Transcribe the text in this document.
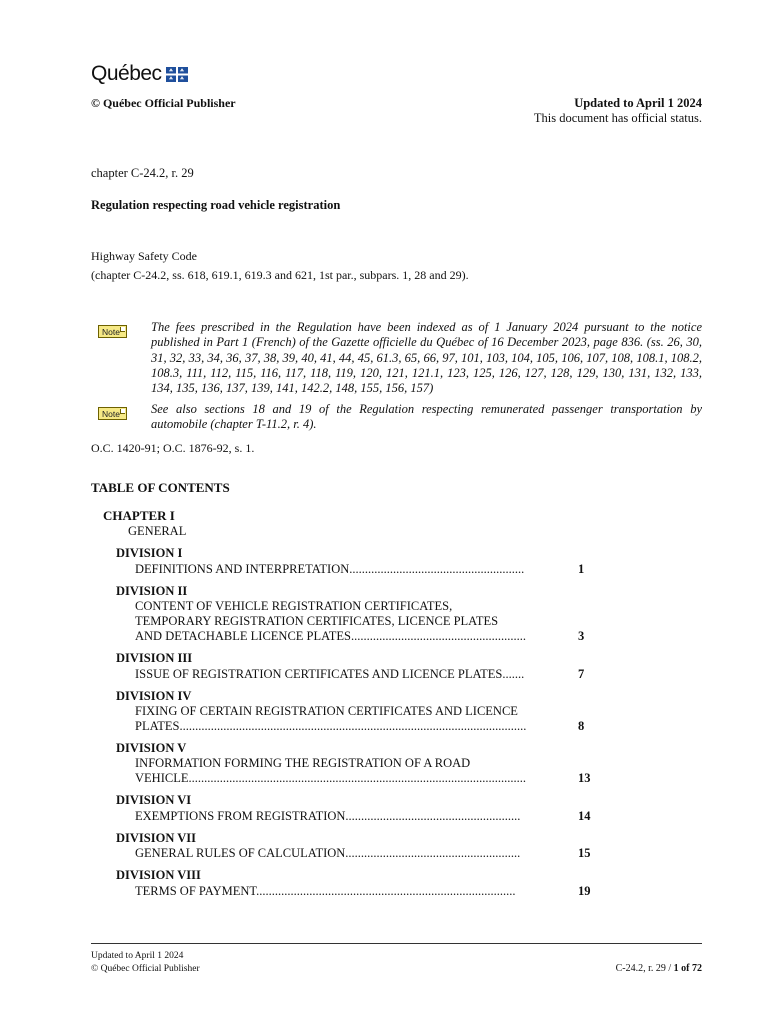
Québec
© Québec Official Publisher	Updated to April 1 2024
This document has official status.
chapter C-24.2, r. 29
Regulation respecting road vehicle registration
Highway Safety Code
(chapter C-24.2, ss. 618, 619.1, 619.3 and 621, 1st par., subpars. 1, 28 and 29).
Note	The fees prescribed in the Regulation have been indexed as of 1 January 2024 pursuant to the notice published in Part 1 (French) of the Gazette officielle du Québec of 16 December 2023, page 836. (ss. 26, 30, 31, 32, 33, 34, 36, 37, 38, 39, 40, 41, 44, 45, 61.3, 65, 66, 97, 101, 103, 104, 105, 106, 107, 108, 108.1, 108.2, 108.3, 111, 112, 115, 116, 117, 118, 119, 120, 121, 121.1, 123, 125, 126, 127, 128, 129, 130, 131, 132, 133, 134, 135, 136, 137, 139, 141, 142.2, 148, 155, 156, 157)
Note	See also sections 18 and 19 of the Regulation respecting remunerated passenger transportation by automobile (chapter T-11.2, r. 4).
O.C. 1420-91; O.C. 1876-92, s. 1.
TABLE OF CONTENTS
CHAPTER I
GENERAL
DIVISION I
DEFINITIONS AND INTERPRETATION........................................................	1
DIVISION II
CONTENT OF VEHICLE REGISTRATION CERTIFICATES,
TEMPORARY REGISTRATION CERTIFICATES, LICENCE PLATES
AND DETACHABLE LICENCE PLATES........................................................	3
DIVISION III
ISSUE OF REGISTRATION CERTIFICATES AND LICENCE PLATES.......	7
DIVISION IV
FIXING OF CERTAIN REGISTRATION CERTIFICATES AND LICENCE
PLATES...............................................................................................................	8
DIVISION V
INFORMATION FORMING THE REGISTRATION OF A ROAD
VEHICLE............................................................................................................	13
DIVISION VI
EXEMPTIONS FROM REGISTRATION........................................................	14
DIVISION VII
GENERAL RULES OF CALCULATION........................................................	15
DIVISION VIII
TERMS OF PAYMENT...................................................................................	19
Updated to April 1 2024
© Québec Official Publisher	C-24.2, r. 29 / 1 of 72
